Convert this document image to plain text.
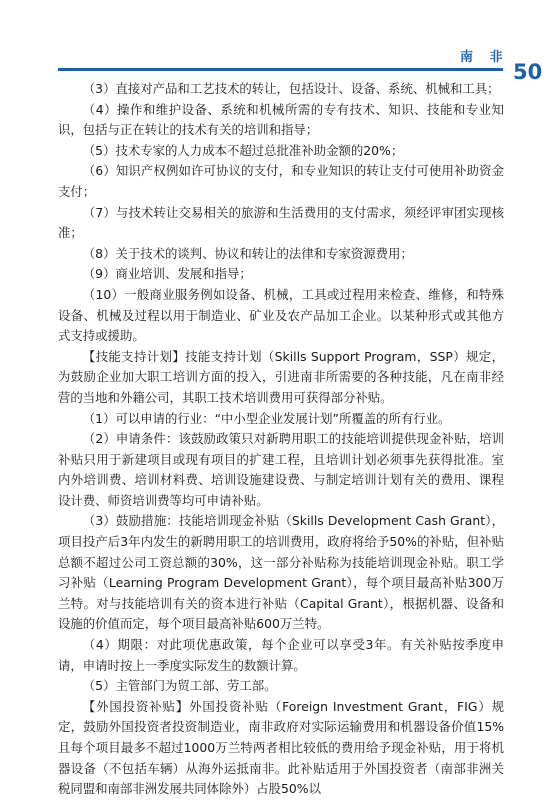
南 非
50

（3）直接对产品和工艺技术的转让，包括设计、设备、系统、机械和工具；

（4）操作和维护设备、系统和机械所需的专有技术、知识、技能和专业知识，包括与正在转让的技术有关的培训和指导；

（5）技术专家的人力成本不超过总批准补助金额的20%；

（6）知识产权例如许可协议的支付，和专业知识的转让支付可使用补助资金支付；

（7）与技术转让交易相关的旅游和生活费用的支付需求，须经评审团实现核准；

（8）关于技术的谈判、协议和转让的法律和专家资源费用；

（9）商业培训、发展和指导；

（10）一般商业服务例如设备、机械，工具或过程用来检查、维修，和特殊设备、机械及过程以用于制造业、矿业及农产品加工企业。以某种形式或其他方式支持或援助。

【技能支持计划】技能支持计划（Skills Support Program，SSP）规定，为鼓励企业加大职工培训方面的投入，引进南非所需要的各种技能，凡在南非经营的当地和外籍公司，其职工技术培训费用可获得部分补贴。

（1）可以申请的行业：“中小型企业发展计划”所覆盖的所有行业。

（2）申请条件：该鼓励政策只对新聘用职工的技能培训提供现金补贴，培训补贴只用于新建项目或现有项目的扩建工程，且培训计划必须事先获得批准。室内外培训费、培训材料费、培训设施建设费、与制定培训计划有关的费用、课程设计费、师资培训费等均可申请补贴。

（3）鼓励措施：技能培训现金补贴（Skills Development Cash Grant），项目投产后3年内发生的新聘用职工的培训费用，政府将给予50%的补贴，但补贴总额不超过公司工资总额的30%，这一部分补贴称为技能培训现金补贴。职工学习补贴（Learning Program Development Grant），每个项目最高补贴300万兰特。对与技能培训有关的资本进行补贴（Capital Grant），根据机器、设备和设施的价值而定，每个项目最高补贴600万兰特。

（4）期限：对此项优惠政策，每个企业可以享受3年。有关补贴按季度申请，申请时按上一季度实际发生的数额计算。

（5）主管部门为贸工部、劳工部。

【外国投资补贴】外国投资补贴（Foreign Investment Grant，FIG）规定，鼓励外国投资者投资制造业，南非政府对实际运输费用和机器设备价值15%且每个项目最多不超过1000万兰特两者相比较低的费用给予现金补贴，用于将机器设备（不包括车辆）从海外运抵南非。此补贴适用于外国投资者（南部非洲关税同盟和南部非洲发展共同体除外）占股50%以
